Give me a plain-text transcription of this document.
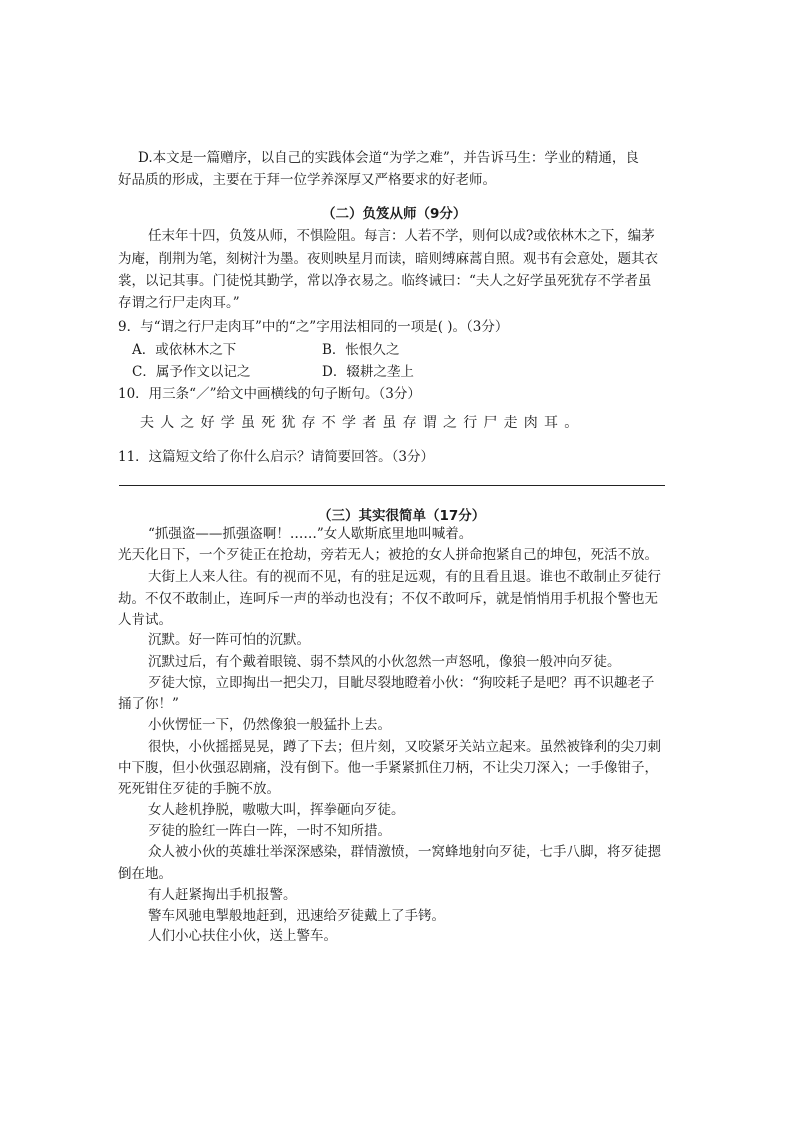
D.本文是一篇赠序，以自己的实践体会道“为学之难”，并告诉马生：学业的精通，良
好品质的形成，主要在于拜一位学养深厚又严格要求的好老师。
（二）负笈从师（9分）
任末年十四，负笈从师，不惧险阻。每言：人若不学，则何以成?或依林木之下，编茅
为庵，削荆为笔，刻树汁为墨。夜则映星月而读，暗则缚麻蒿自照。观书有会意处，题其衣
裳，以记其事。门徒悦其勤学，常以净衣易之。临终诫曰：“夫人之好学虽死犹存不学者虽
存谓之行尸走肉耳。”
9．与“谓之行尸走肉耳”中的“之”字用法相同的一项是( )。（3分）
A．或依林木之下	B．怅恨久之
C．属予作文以记之	D．辍耕之垄上
10．用三条“／”给文中画横线的句子断句。（3分）
夫人之好学虽死犹存不学者虽存谓之行尸走肉耳。
11．这篇短文给了你什么启示？请简要回答。（3分）
（三）其实很简单（17分）
“抓强盗——抓强盗啊！……”女人歇斯底里地叫喊着。
光天化日下，一个歹徒正在抢劫，旁若无人；被抢的女人拼命抱紧自己的坤包，死活不放。
大街上人来人往。有的视而不见，有的驻足远观，有的且看且退。谁也不敢制止歹徒行
劫。不仅不敢制止，连呵斥一声的举动也没有；不仅不敢呵斥，就是悄悄用手机报个警也无
人肯试。
沉默。好一阵可怕的沉默。
沉默过后，有个戴着眼镜、弱不禁风的小伙忽然一声怒吼，像狼一般冲向歹徒。
歹徒大惊，立即掏出一把尖刀，目眦尽裂地瞪着小伙：“狗咬耗子是吧？再不识趣老子
捅了你！”
小伙愣怔一下，仍然像狼一般猛扑上去。
很快，小伙摇摇晃晃，蹲了下去；但片刻，又咬紧牙关站立起来。虽然被锋利的尖刀刺
中下腹，但小伙强忍剧痛，没有倒下。他一手紧紧抓住刀柄，不让尖刀深入；一手像钳子，
死死钳住歹徒的手腕不放。
女人趁机挣脱，嗷嗷大叫，挥拳砸向歹徒。
歹徒的脸红一阵白一阵，一时不知所措。
众人被小伙的英雄壮举深深感染，群情激愤，一窝蜂地射向歹徒，七手八脚，将歹徒摁
倒在地。
有人赶紧掏出手机报警。
警车风驰电掣般地赶到，迅速给歹徒戴上了手铐。
人们小心扶住小伙，送上警车。
